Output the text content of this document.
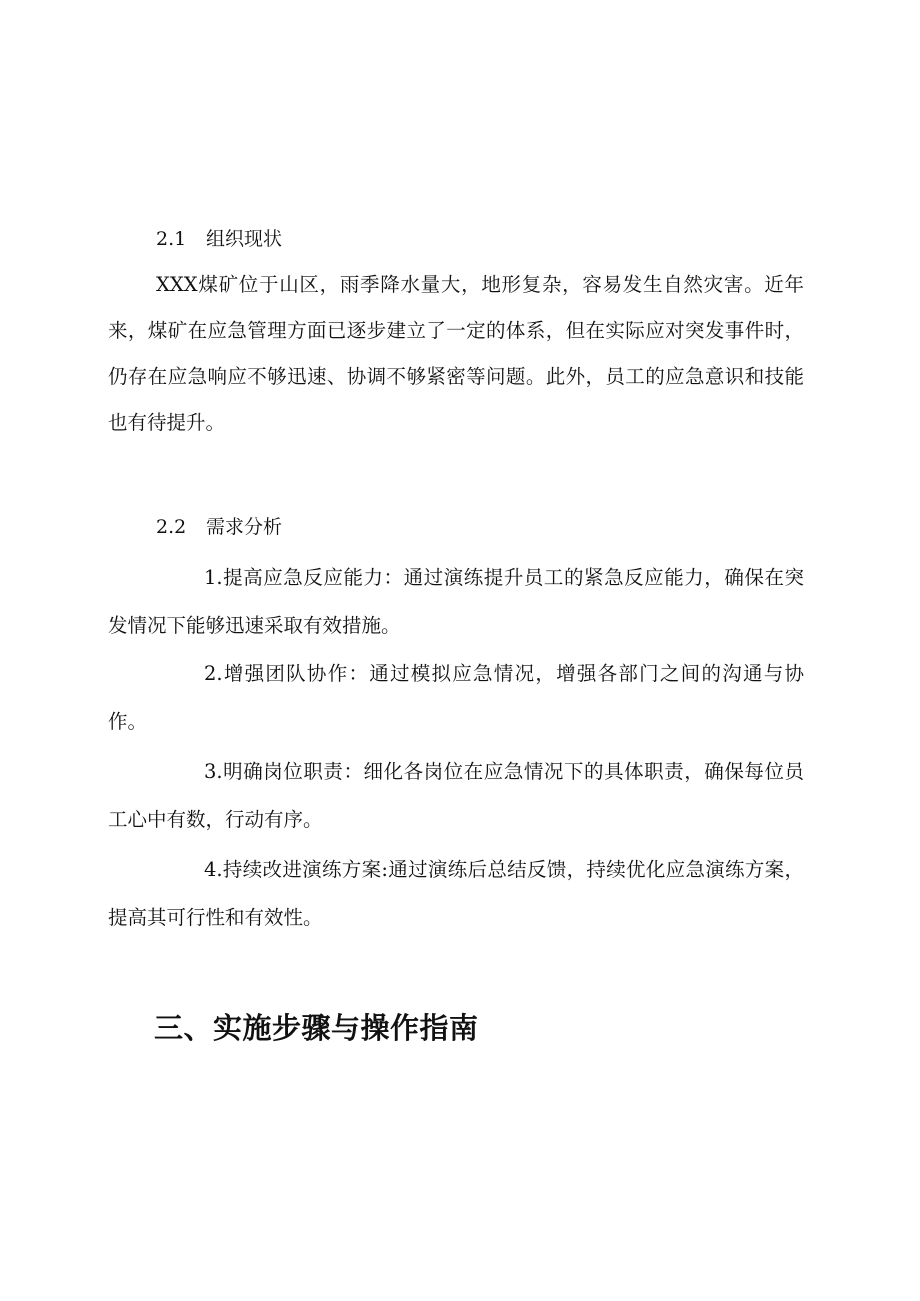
2.1 组织现状

XXX煤矿位于山区，雨季降水量大，地形复杂，容易发生自然灾害。近年来，煤矿在应急管理方面已逐步建立了一定的体系，但在实际应对突发事件时，仍存在应急响应不够迅速、协调不够紧密等问题。此外，员工的应急意识和技能也有待提升。

2.2 需求分析

1.提高应急反应能力：通过演练提升员工的紧急反应能力，确保在突发情况下能够迅速采取有效措施。

2.增强团队协作：通过模拟应急情况，增强各部门之间的沟通与协作。

3.明确岗位职责：细化各岗位在应急情况下的具体职责，确保每位员工心中有数，行动有序。

4.持续改进演练方案:通过演练后总结反馈，持续优化应急演练方案，提高其可行性和有效性。

三、实施步骤与操作指南
